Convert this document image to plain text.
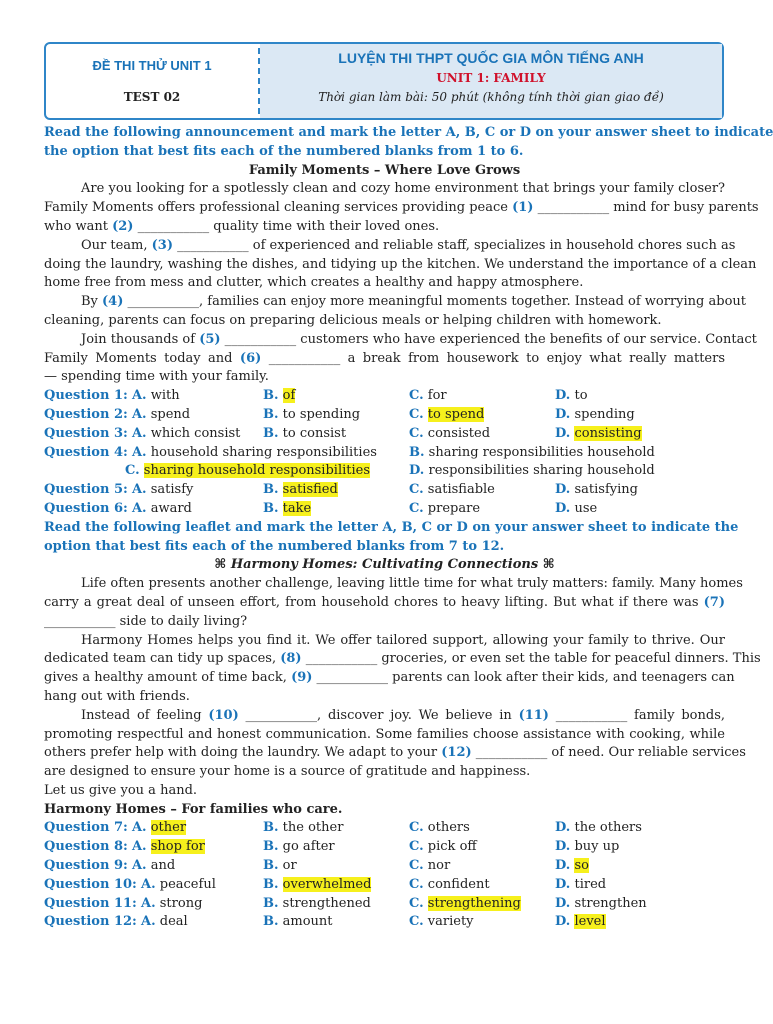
ĐỀ THI THỬ UNIT 1
TEST 02
LUYỆN THI THPT QUỐC GIA MÔN TIẾNG ANH
UNIT 1: FAMILY
Thời gian làm bài: 50 phút (không tính thời gian giao đề)
Read the following announcement and mark the letter A, B, C or D on your answer sheet to indicate
the option that best fits each of the numbered blanks from 1 to 6.
Family Moments – Where Love Grows
Are you looking for a spotlessly clean and cozy home environment that brings your family closer?
Family Moments offers professional cleaning services providing peace (1) ___________ mind for busy parents
who want (2) ___________ quality time with their loved ones.
Our team, (3) ___________ of experienced and reliable staff, specializes in household chores such as
doing the laundry, washing the dishes, and tidying up the kitchen. We understand the importance of a clean
home free from mess and clutter, which creates a healthy and happy atmosphere.
By (4) ___________, families can enjoy more meaningful moments together. Instead of worrying about
cleaning, parents can focus on preparing delicious meals or helping children with homework.
Join thousands of (5) ___________ customers who have experienced the benefits of our service. Contact
Family Moments today and (6) ___________ a break from housework to enjoy what really matters
— spending time with your family.
Question 1: A. with	B. of	C. for	D. to
Question 2: A. spend	B. to spending	C. to spend	D. spending
Question 3: A. which consist B. to consist	C. consisted	D. consisting
Question 4: A. household sharing responsibilities B. sharing responsibilities household
C. sharing household responsibilities	D. responsibilities sharing household
Question 5: A. satisfy	B. satisfied	C. satisfiable	D. satisfying
Question 6: A. award	B. take	C. prepare	D. use
Read the following leaflet and mark the letter A, B, C or D on your answer sheet to indicate the
option that best fits each of the numbered blanks from 7 to 12.
⌘ Harmony Homes: Cultivating Connections ⌘
Life often presents another challenge, leaving little time for what truly matters: family. Many homes
carry a great deal of unseen effort, from household chores to heavy lifting. But what if there was (7)
___________ side to daily living?
Harmony Homes helps you find it. We offer tailored support, allowing your family to thrive. Our
dedicated team can tidy up spaces, (8) ___________ groceries, or even set the table for peaceful dinners. This
gives a healthy amount of time back, (9) ___________ parents can look after their kids, and teenagers can
hang out with friends.
Instead of feeling (10) ___________, discover joy. We believe in (11) ___________ family bonds,
promoting respectful and honest communication. Some families choose assistance with cooking, while
others prefer help with doing the laundry. We adapt to your (12) ___________ of need. Our reliable services
are designed to ensure your home is a source of gratitude and happiness.
Let us give you a hand.
Harmony Homes – For families who care.
Question 7: A. other	B. the other	C. others	D. the others
Question 8: A. shop for	B. go after	C. pick off	D. buy up
Question 9: A. and	B. or	C. nor	D. so
Question 10: A. peaceful	B. overwhelmed	C. confident	D. tired
Question 11: A. strong	B. strengthened	C. strengthening	D. strengthen
Question 12: A. deal	B. amount	C. variety	D. level
